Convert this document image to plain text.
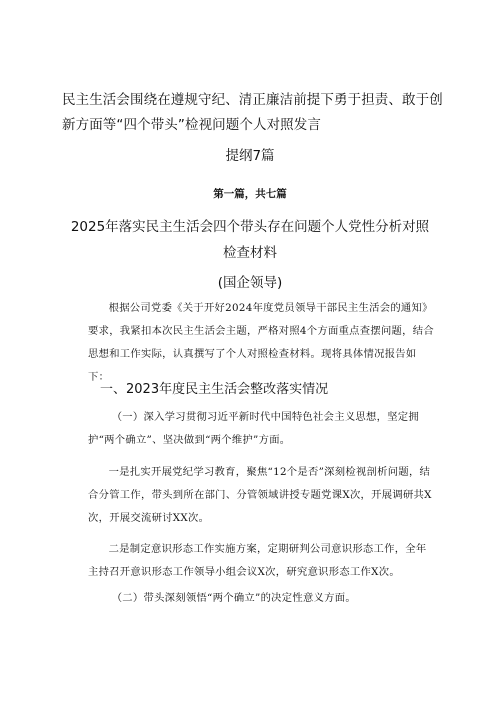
民主生活会围绕在遵规守纪、清正廉洁前提下勇于担责、敢于创新方面等“四个带头”检视问题个人对照发言
提纲7篇
第一篇，共七篇
2025年落实民主生活会四个带头存在问题个人党性分析对照检查材料
(国企领导)
根据公司党委《关于开好2024年度党员领导干部民主生活会的通知》要求，我紧扣本次民主生活会主题，严格对照4个方面重点查摆问题，结合思想和工作实际，认真撰写了个人对照检查材料。现将具体情况报告如下：
一、2023年度民主生活会整改落实情况
（一）深入学习贯彻习近平新时代中国特色社会主义思想，坚定拥护“两个确立”、坚决做到“两个维护”方面。
一是扎实开展党纪学习教育，聚焦“12个是否”深刻检视剖析问题，结合分管工作，带头到所在部门、分管领域讲授专题党课X次，开展调研共X次，开展交流研讨XX次。
二是制定意识形态工作实施方案，定期研判公司意识形态工作，全年主持召开意识形态工作领导小组会议X次，研究意识形态工作X次。
（二）带头深刻领悟“两个确立”的决定性意义方面。
